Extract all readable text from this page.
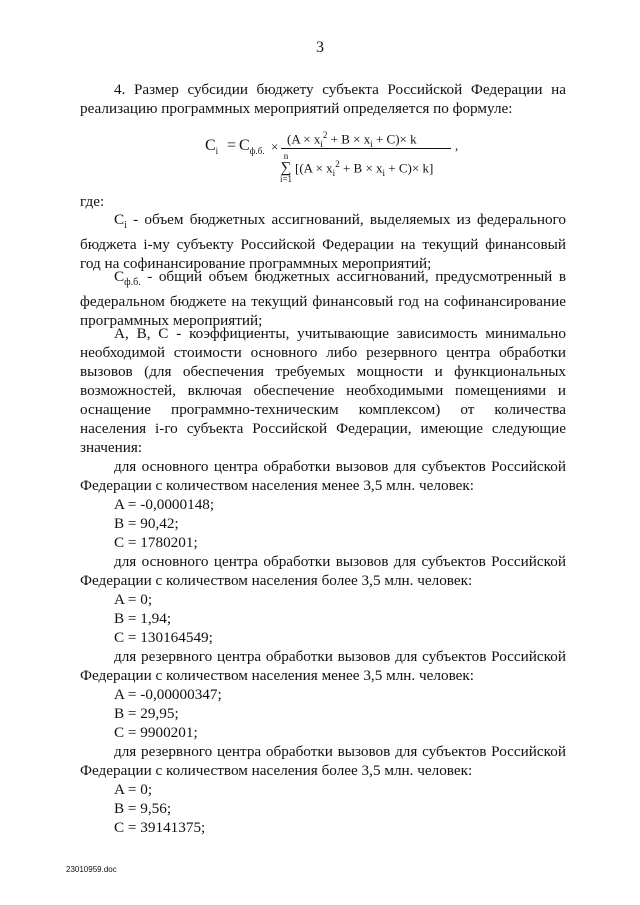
3

4. Размер субсидии бюджету субъекта Российской Федерации на реализацию программных мероприятий определяется по формуле:

$C_i = C_{ф.б.}$ ×
$(A \times x_i^2 + B \times x_i + C)\times k$
n
∑
i=1
$[(A \times x_i^2 + B \times x_i + C)\times k]$
,
где:

$C_i$ - объем бюджетных ассигнований, выделяемых из федерального бюджета i-му субъекту Российской Федерации на текущий финансовый год на софинансирование программных мероприятий;

$C_{ф.б.}$ - общий объем бюджетных ассигнований, предусмотренный в федеральном бюджете на текущий финансовый год на софинансирование программных мероприятий;

A, B, C - коэффициенты, учитывающие зависимость минимально необходимой стоимости основного либо резервного центра обработки вызовов (для обеспечения требуемых мощности и функциональных возможностей, включая обеспечение необходимыми помещениями и оснащение программно-техническим комплексом) от количества населения i-го субъекта Российской Федерации, имеющие следующие значения:

для основного центра обработки вызовов для субъектов Российской Федерации с количеством населения менее 3,5 млн. человек:

A = -0,0000148;
B = 90,42;
C = 1780201;

для основного центра обработки вызовов для субъектов Российской Федерации с количеством населения более 3,5 млн. человек:

A = 0;
B = 1,94;
C = 130164549;

для резервного центра обработки вызовов для субъектов Российской Федерации с количеством населения менее 3,5 млн. человек:

A = -0,00000347;
B = 29,95;
C = 9900201;

для резервного центра обработки вызовов для субъектов Российской Федерации с количеством населения более 3,5 млн. человек:

A = 0;
B = 9,56;
C = 39141375;
23010959.doc
